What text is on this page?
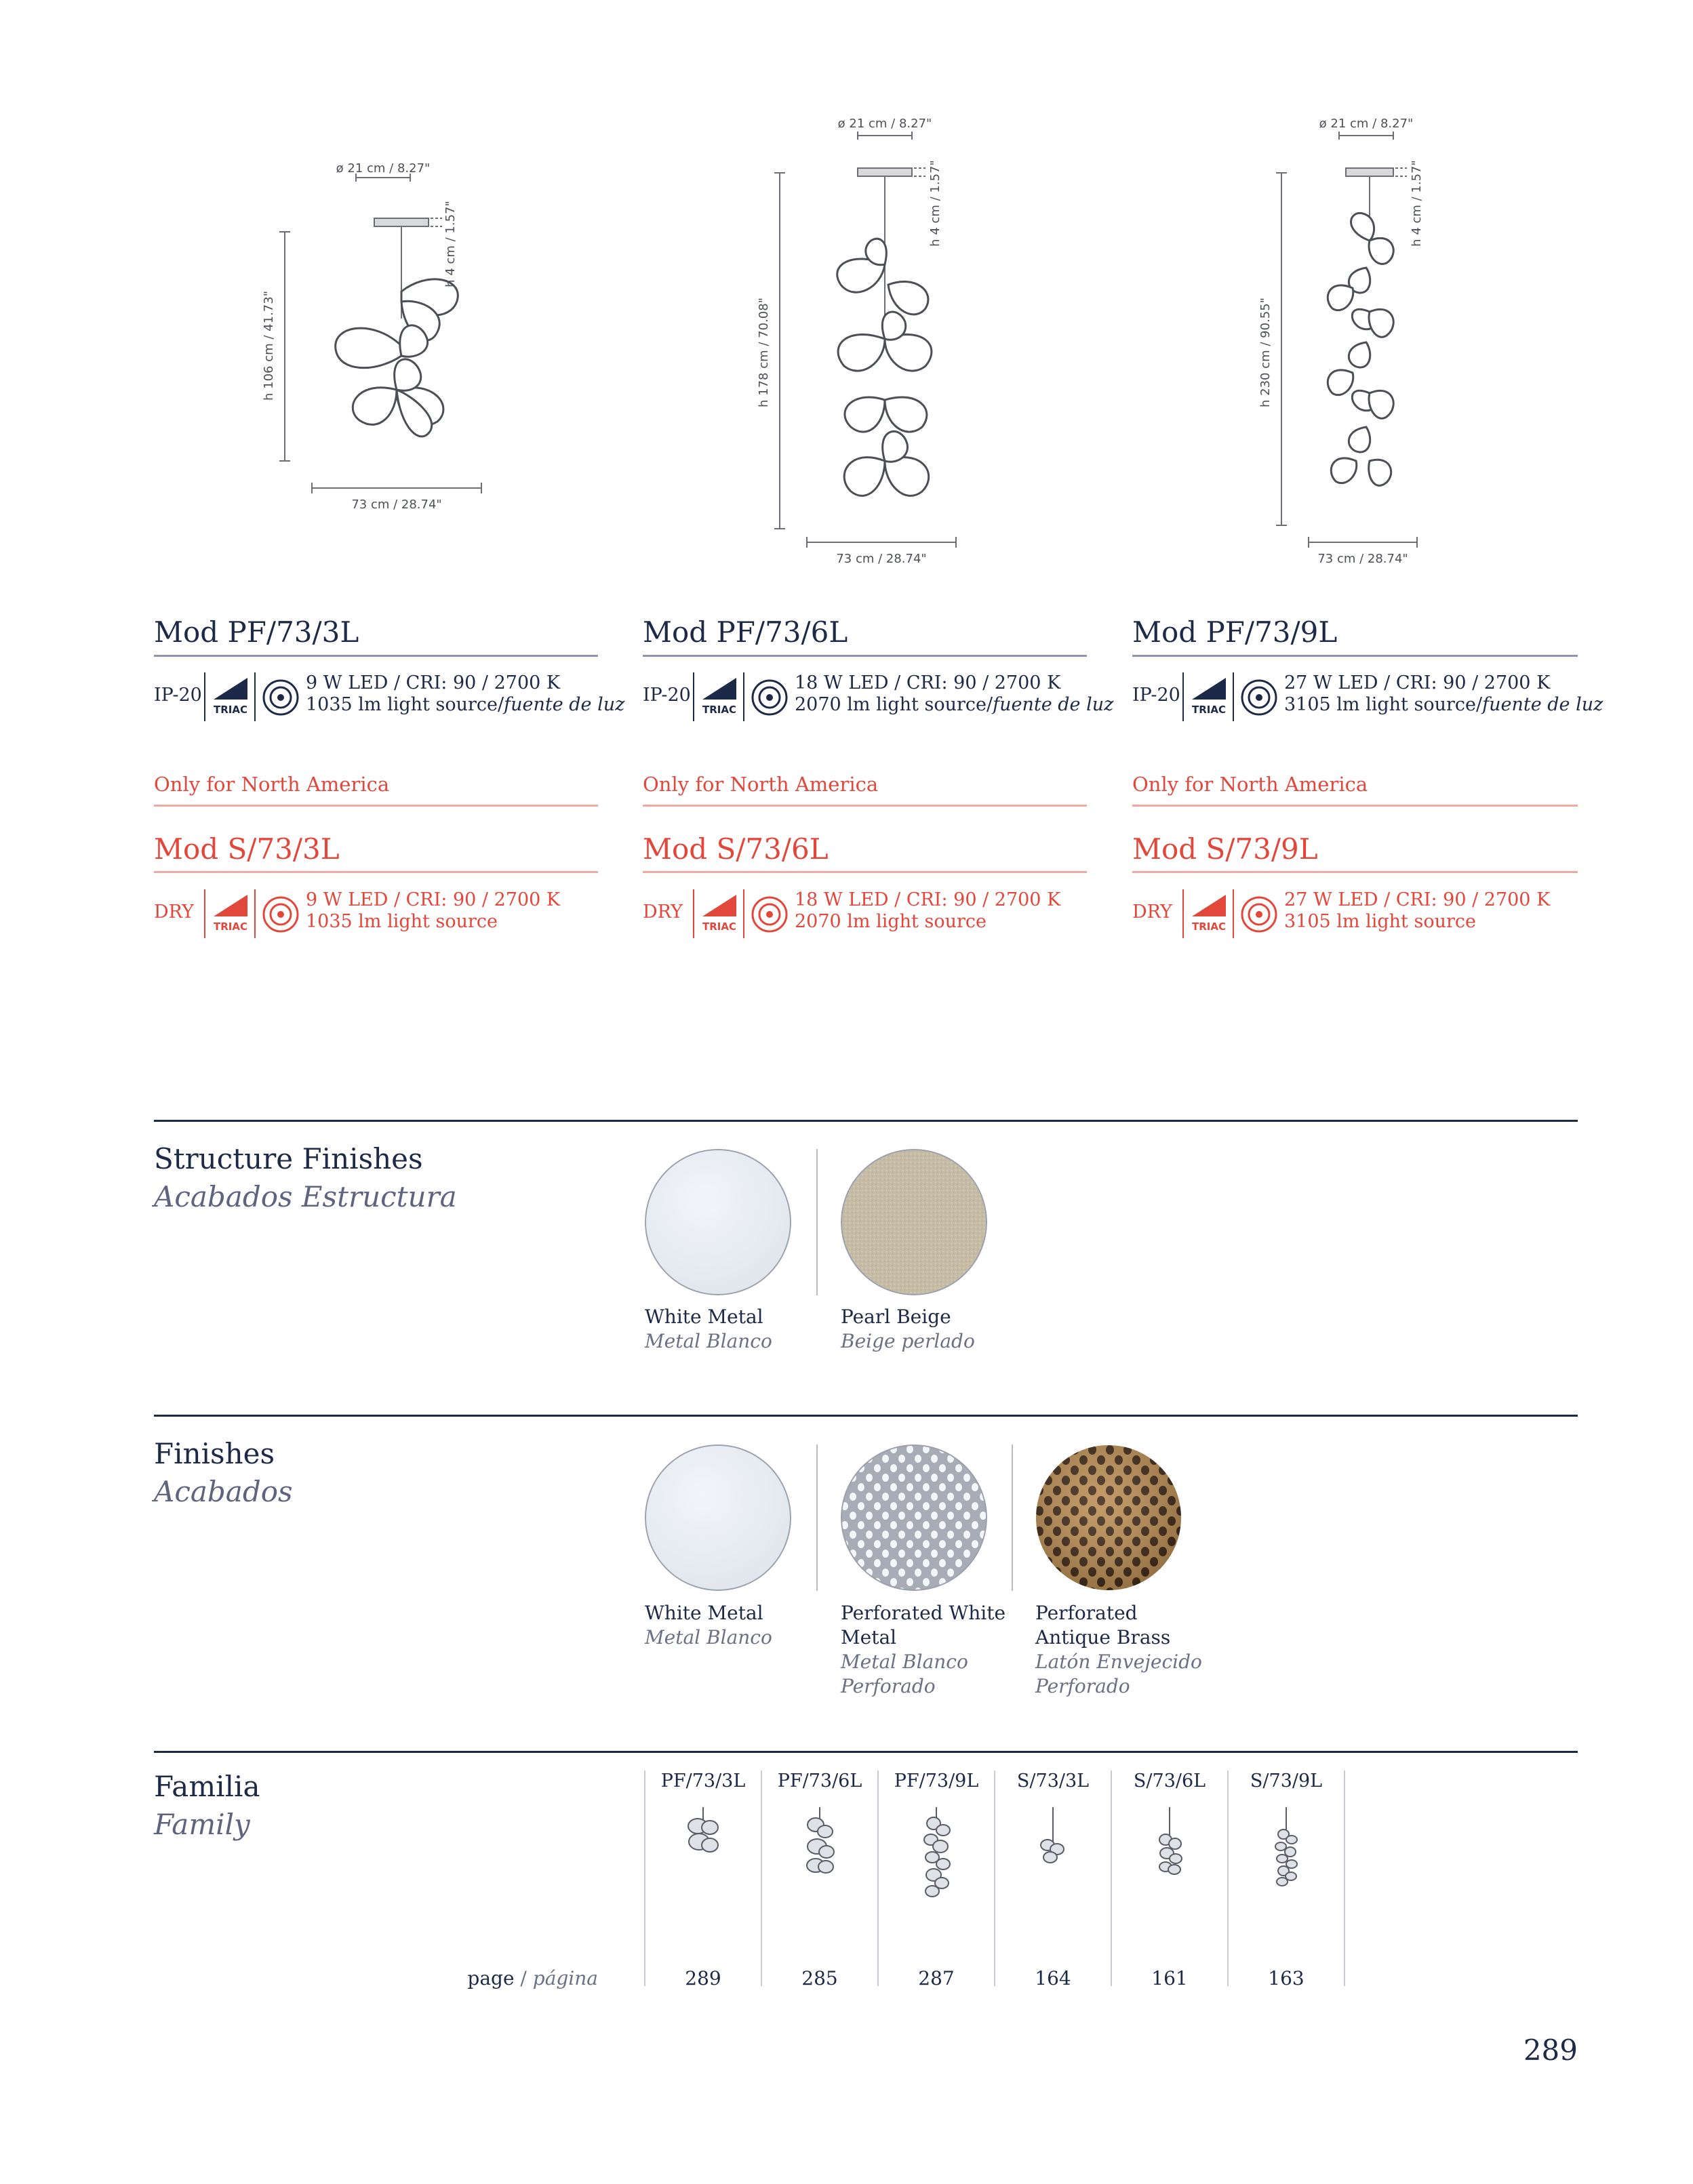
ø 21 cm / 8.27"
h 4 cm / 1.57"
h 106 cm / 41.73"
73 cm / 28.74"
ø 21 cm / 8.27"
h 4 cm / 1.57"
h 178 cm / 70.08"
73 cm / 28.74"
ø 21 cm / 8.27"
h 4 cm / 1.57"
h 230 cm / 90.55"
73 cm / 28.74"
Mod PF/73/3L
IP-20
TRIAC
9 W LED / CRI: 90 / 2700 K
1035 lm light source/fuente de luz
Only for North America
Mod S/73/3L
DRY
TRIAC
9 W LED / CRI: 90 / 2700 K
1035 lm light source
Mod PF/73/6L
IP-20
TRIAC
18 W LED / CRI: 90 / 2700 K
2070 lm light source/fuente de luz
Only for North America
Mod S/73/6L
DRY
TRIAC
18 W LED / CRI: 90 / 2700 K
2070 lm light source
Mod PF/73/9L
IP-20
TRIAC
27 W LED / CRI: 90 / 2700 K
3105 lm light source/fuente de luz
Only for North America
Mod S/73/9L
DRY
TRIAC
27 W LED / CRI: 90 / 2700 K
3105 lm light source
Structure Finishes
Acabados Estructura
White Metal
Metal Blanco
Pearl Beige
Beige perlado
Finishes
Acabados
White Metal
Metal Blanco
Perforated White
Metal
Metal Blanco
Perforado
Perforated
Antique Brass
Latón Envejecido
Perforado
Familia
Family
page / página
PF/73/3L
289
PF/73/6L
285
PF/73/9L
287
S/73/3L
164
S/73/6L
161
S/73/9L
163
289
